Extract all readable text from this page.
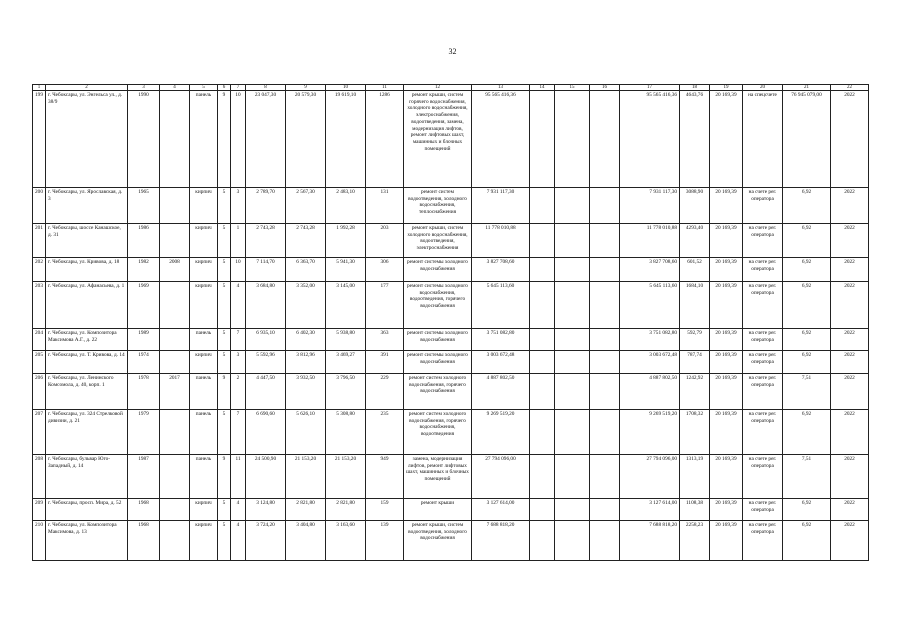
32
1	2	3	4	5	6	7	8	9	10	11	12	13	14	15	16	17	18	19	20	21	22
199	г. Чебоксары, ул. Энгельса ул., д. 38/9	1990		панель	9	10	23 047,30	20 579,30	19 619,10	1286	ремонт крыши, систем горячего водоснабжения, холодного водоснабжения, электроснабжения, водоотведения, замена, модернизация лифтов, ремонт лифтовых шахт, машинных и блочных помещений	95 565 416,36				95 565 416,36	4643,76	20 169,39	на спецсчете	76 945 079,00	2022
200	г. Чебоксары, ул. Ярославская, д. 3	1965		кирпич	5	3	2 789,70	2 567,30	2 483,10	131	ремонт систем водоотведения, холодного водоснабжения, теплоснабжения	7 931 117,30				7 931 117,30	3088,90	20 169,39	на счете рег. оператора	6,92	2022
201	г. Чебоксары, шоссе Канашское, д. 31	1986		кирпич	5	1	2 743,28	2 743,28	1 992,28	203	ремонт крыши, систем холодного водоснабжения, водоотведения, электроснабжения	11 778 010,88				11 778 010,88	4293,40	20 169,39	на счете рег. оператора	6,92	2022
202	г. Чебоксары, ул. Кривова, д. 18	1982	2008	кирпич	5	10	7 114,70	6 363,70	5 941,30	306	ремонт системы холодного водоснабжения	3 827 708,60				3 827 708,60	601,52	20 169,39	на счете рег. оператора	6,92	2022
203	г. Чебоксары, ул. Афанасьева, д. 1	1969		кирпич	5	4	3 684,80	3 352,00	3 145,00	177	ремонт системы холодного водоснабжения, водоотведения, горячего водоснабжения	5 645 113,60				5 645 113,60	1684,10	20 169,39	на счете рег. оператора	6,92	2022
204	г. Чебоксары, ул. Композитора Максимова А.Г., д. 22	1989		панель	5	7	6 935,10	6 402,30	5 938,80	363	ремонт системы холодного водоснабжения	3 751 082,80				3 751 082,80	592,79	20 169,39	на счете рег. оператора	6,92	2022
205	г. Чебоксары, ул. Т. Кривова, д. 14	1974		кирпич	5	3	5 592,96	3 812,96	3 469,27	391	ремонт системы холодного водоснабжения	3 003 672,48				3 003 672,48	787,74	20 169,39	на счете рег. оператора	6,92	2022
206	г. Чебоксары, ул. Ленинского Комсомола, д. 40, корп. 1	1978	2017	панель	9	2	4 447,50	3 932,50	3 796,50	229	ремонт систем холодного водоснабжения, горячего водоснабжения	4 887 802,50				4 887 802,50	1242,92	20 169,39	на счете рег. оператора	7,51	2022
207	г. Чебоксары, ул. 324 Стрелковой дивизии, д. 21	1979		панель	5	7	6 690,60	5 626,10	5 308,80	235	ремонт систем холодного водоснабжения, горячего водоснабжения, водоотведения	9 269 519,20				9 269 519,20	1708,32	20 169,39	на счете рег. оператора	6,92	2022
208	г. Чебоксары, бульвар Юго-Западный, д. 14	1987		панель	9	11	24 500,90	21 153,20	21 153,20	949	замена, модернизация лифтов, ремонт лифтовых шахт, машинных и блочных помещений	27 794 096,00				27 794 096,00	1313,19	20 169,39	на счете рег. оператора	7,51	2022
209	г. Чебоксары, просп. Мира, д. 52	1968		кирпич	5	4	3 124,80	2 821,80	2 821,80	159	ремонт крыши	3 127 614,00				3 127 614,00	1108,38	20 169,39	на счете рег. оператора	6,92	2022
210	г. Чебоксары, ул. Композитора Максимова, д. 13	1968		кирпич	5	4	3 724,20	3 404,80	3 163,60	139	ремонт крыши, систем водоотведения, холодного водоснабжения	7 688 818,20				7 688 818,20	2258,23	20 169,39	на счете рег. оператора	6,92	2022
